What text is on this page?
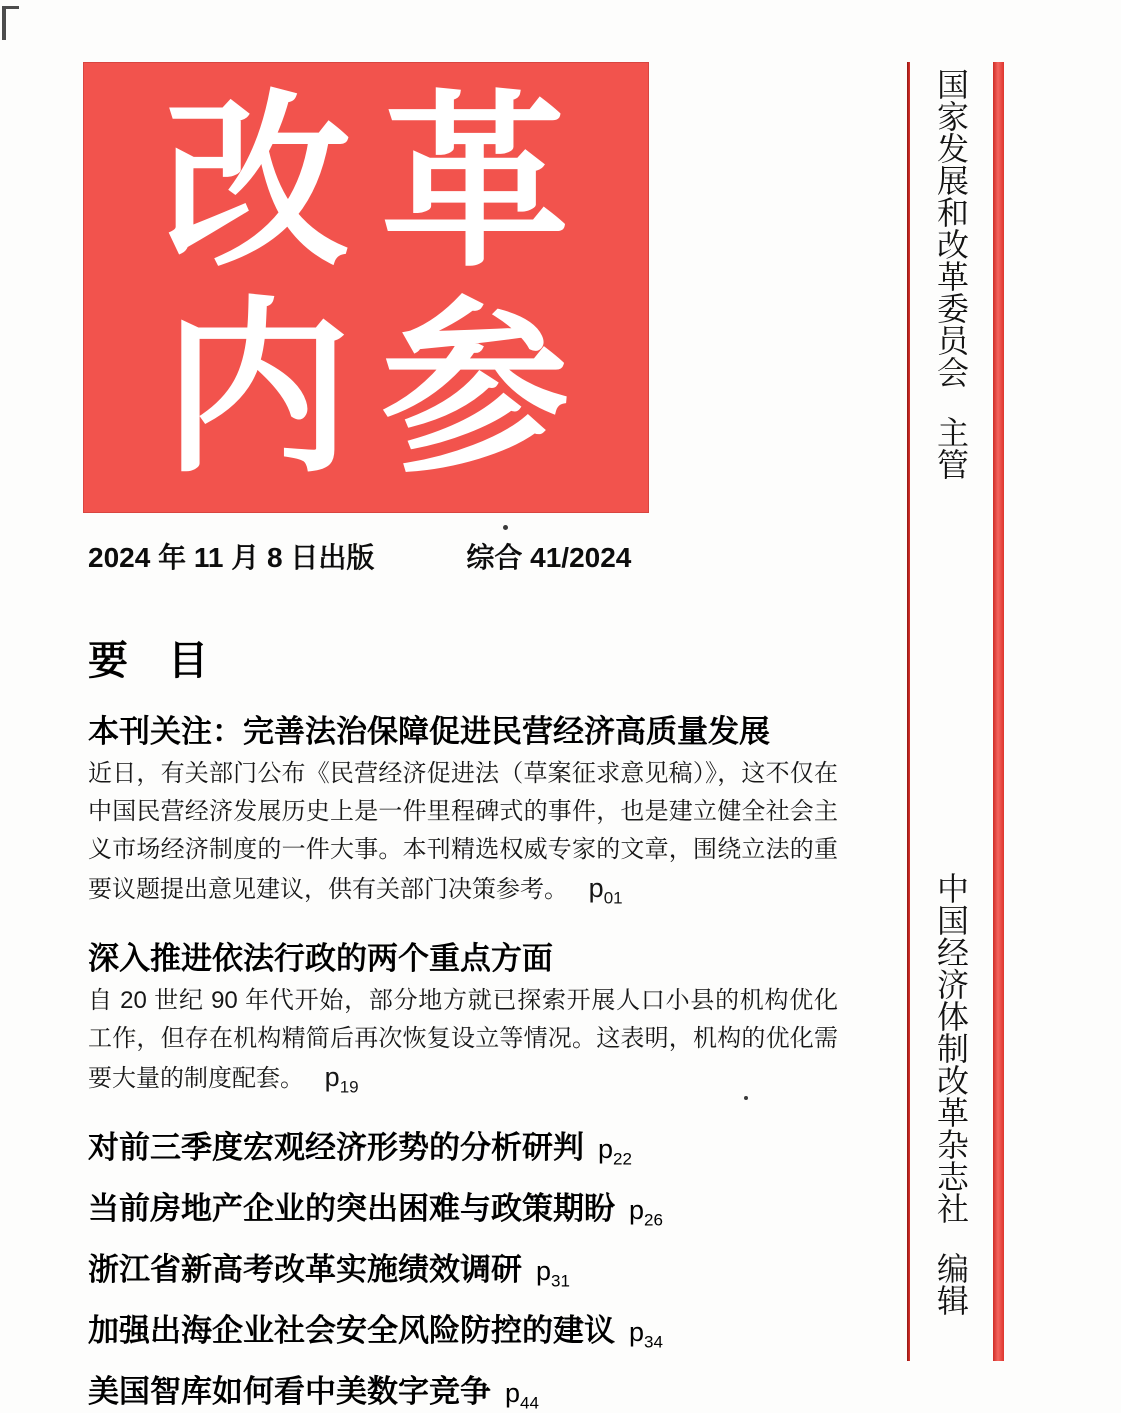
改革
内参
2024 年 11 月 8 日出版	综合 41/2024
要 目
本刊关注：完善法治保障促进民营经济高质量发展
近日，有关部门公布《民营经济促进法（草案征求意见稿）》，这不仅在中国民营经济发展历史上是一件里程碑式的事件，也是建立健全社会主义市场经济制度的一件大事。本刊精选权威专家的文章，围绕立法的重要议题提出意见建议，供有关部门决策参考。 $p_{01}$
深入推进依法行政的两个重点方面
自 20 世纪 90 年代开始，部分地方就已探索开展人口小县的机构优化工作，但存在机构精简后再次恢复设立等情况。这表明，机构的优化需要大量的制度配套。 $p_{19}$
对前三季度宏观经济形势的分析研判 $p_{22}$
当前房地产企业的突出困难与政策期盼 $p_{26}$
浙江省新高考改革实施绩效调研 $p_{31}$
加强出海企业社会安全风险防控的建议 $p_{34}$
美国智库如何看中美数字竞争 $p_{44}$
国家发展和改革委员会主管
中国经济体制改革杂志社编辑
